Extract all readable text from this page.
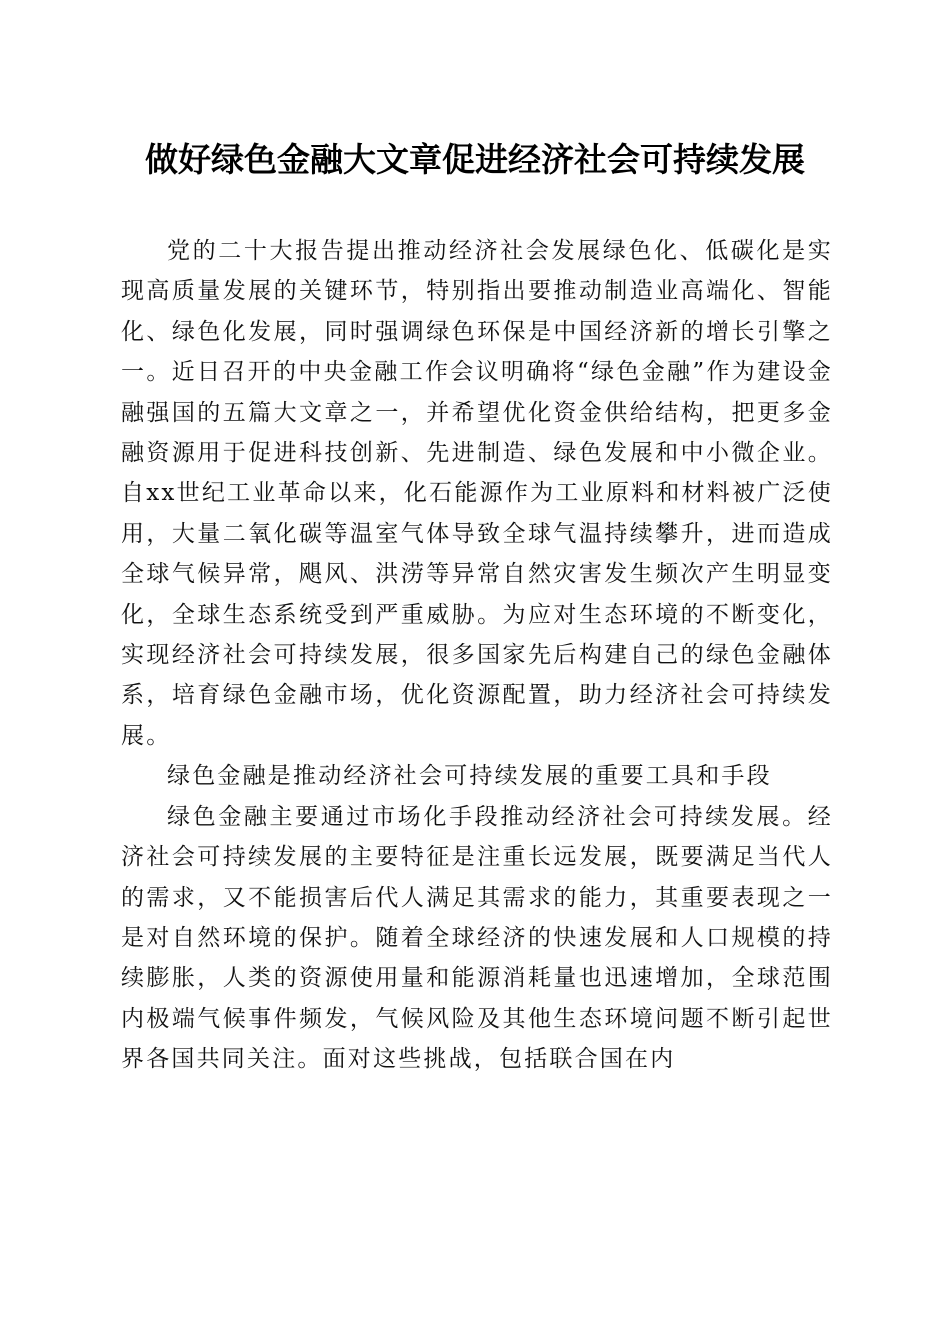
做好绿色金融大文章促进经济社会可持续发展

党的二十大报告提出推动经济社会发展绿色化、低碳化是实现高质量发展的关键环节，特别指出要推动制造业高端化、智能化、绿色化发展，同时强调绿色环保是中国经济新的增长引擎之一。近日召开的中央金融工作会议明确将“绿色金融”作为建设金融强国的五篇大文章之一，并希望优化资金供给结构，把更多金融资源用于促进科技创新、先进制造、绿色发展和中小微企业。自xx世纪工业革命以来，化石能源作为工业原料和材料被广泛使用，大量二氧化碳等温室气体导致全球气温持续攀升，进而造成全球气候异常，飓风、洪涝等异常自然灾害发生频次产生明显变化，全球生态系统受到严重威胁。为应对生态环境的不断变化，实现经济社会可持续发展，很多国家先后构建自己的绿色金融体系，培育绿色金融市场，优化资源配置，助力经济社会可持续发展。

绿色金融是推动经济社会可持续发展的重要工具和手段

绿色金融主要通过市场化手段推动经济社会可持续发展。经济社会可持续发展的主要特征是注重长远发展，既要满足当代人的需求，又不能损害后代人满足其需求的能力，其重要表现之一是对自然环境的保护。随着全球经济的快速发展和人口规模的持续膨胀，人类的资源使用量和能源消耗量也迅速增加，全球范围内极端气候事件频发，气候风险及其他生态环境问题不断引起世界各国共同关注。面对这些挑战，包括联合国在内
